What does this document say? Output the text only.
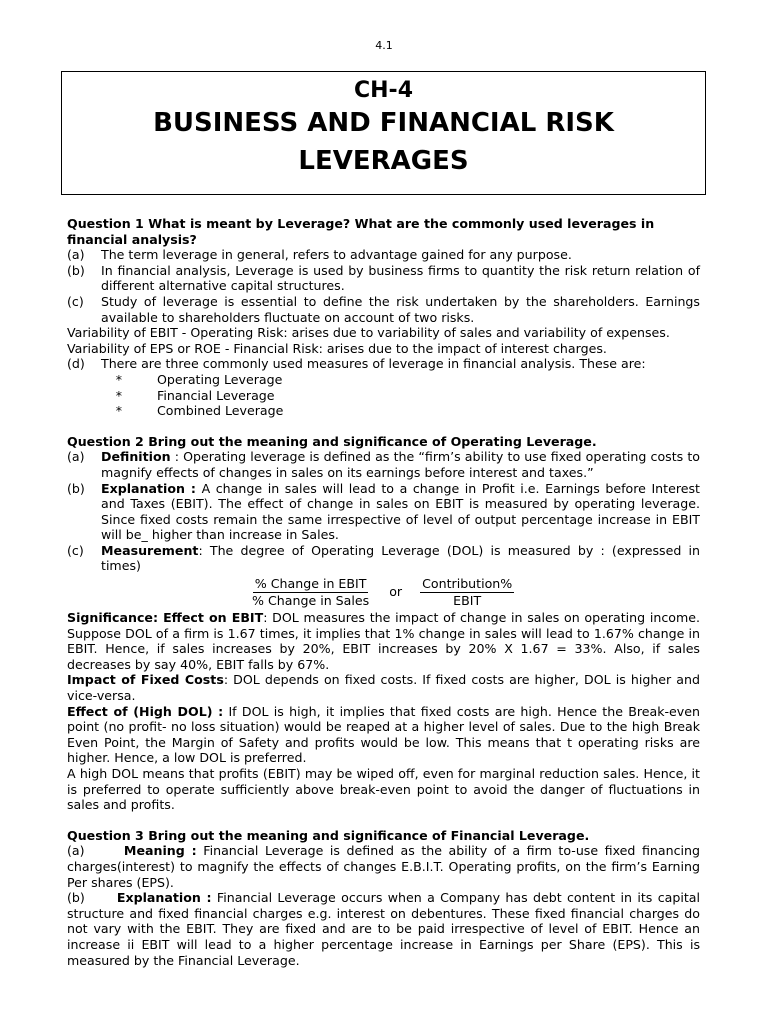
4.1
CH-4
BUSINESS AND FINANCIAL RISK
LEVERAGES
Question 1 What is meant by Leverage? What are the commonly used leverages in financial analysis?
(a)	The term leverage in general, refers to advantage gained for any purpose.
(b)	In financial analysis, Leverage is used by business firms to quantity the risk return relation of different alternative capital structures.
(c)	Study of leverage is essential to define the risk undertaken by the shareholders. Earnings available to shareholders fluctuate on account of two risks.
Variability of EBIT - Operating Risk: arises due to variability of sales and variability of expenses.
Variability of EPS or ROE - Financial Risk: arises due to the impact of interest charges.
(d)	There are three commonly used measures of leverage in financial analysis. These are:
*	Operating Leverage
*	Financial Leverage
*	Combined Leverage
Question 2 Bring out the meaning and significance of Operating Leverage.
(a)	Definition : Operating leverage is defined as the “firm’s ability to use fixed operating costs to magnify effects of changes in sales on its earnings before interest and taxes.”
(b)	Explanation : A change in sales will lead to a change in Profit i.e. Earnings before Interest and Taxes (EBIT). The effect of change in sales on EBIT is measured by operating leverage. Since fixed costs remain the same irrespective of level of output percentage increase in EBIT will be_ higher than increase in Sales.
(c)	Measurement: The degree of Operating Leverage (DOL) is measured by : (expressed in times)
$\frac{\text{\% Change in EBIT}}{\text{\% Change in Sales}}$ or $\frac{\text{Contribution\%}}{\text{EBIT}}$
Significance: Effect on EBIT: DOL measures the impact of change in sales on operating income. Suppose DOL of a firm is 1.67 times, it implies that 1% change in sales will lead to 1.67% change in EBIT. Hence, if sales increases by 20%, EBIT increases by 20% X 1.67 = 33%. Also, if sales decreases by say 40%, EBIT falls by 67%.
Impact of Fixed Costs: DOL depends on fixed costs. If fixed costs are higher, DOL is higher and vice-versa.
Effect of (High DOL) : If DOL is high, it implies that fixed costs are high. Hence the Break-even point (no profit- no loss situation) would be reaped at a higher level of sales. Due to the high Break Even Point, the Margin of Safety and profits would be low. This means that t operating risks are higher. Hence, a low DOL is preferred.
A high DOL means that profits (EBIT) may be wiped off, even for marginal reduction sales. Hence, it is preferred to operate sufficiently above break-even point to avoid the danger of fluctuations in sales and profits.
Question 3 Bring out the meaning and significance of Financial Leverage.
(a)	Meaning : Financial Leverage is defined as the ability of a firm to-use fixed financing charges(interest) to magnify the effects of changes E.B.I.T. Operating profits, on the firm’s Earning Per shares (EPS).
(b)	Explanation : Financial Leverage occurs when a Company has debt content in its capital structure and fixed financial charges e.g. interest on debentures. These fixed financial charges do not vary with the EBIT. They are fixed and are to be paid irrespective of level of EBIT. Hence an increase ii EBIT will lead to a higher percentage increase in Earnings per Share (EPS). This is measured by the Financial Leverage.
